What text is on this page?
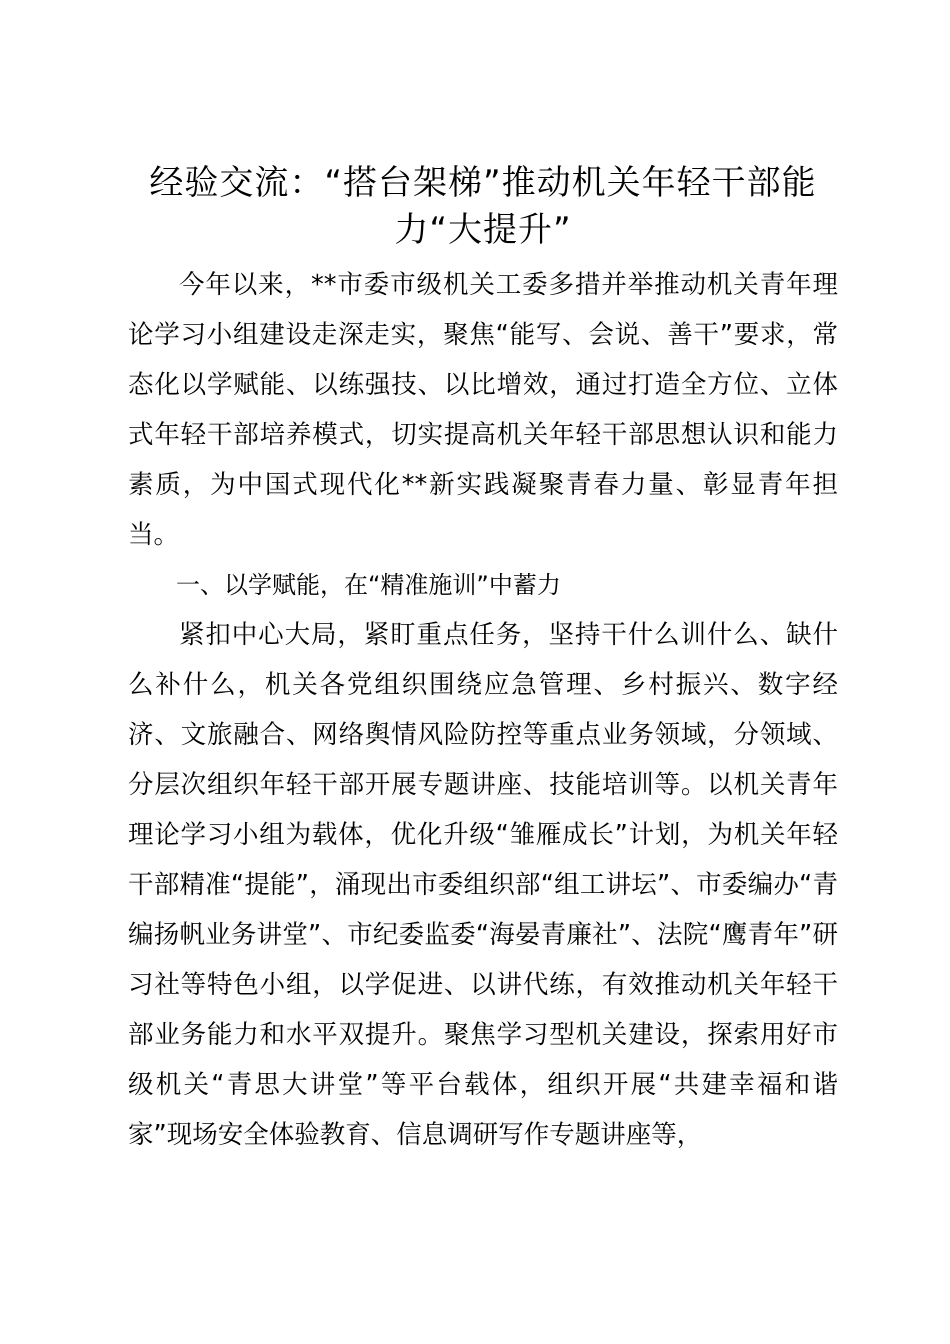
经验交流：“搭台架梯”推动机关年轻干部能力“大提升”

今年以来，**市委市级机关工委多措并举推动机关青年理论学习小组建设走深走实，聚焦“能写、会说、善干”要求，常态化以学赋能、以练强技、以比增效，通过打造全方位、立体式年轻干部培养模式，切实提高机关年轻干部思想认识和能力素质，为中国式现代化**新实践凝聚青春力量、彰显青年担当。

一、以学赋能，在“精准施训”中蓄力

紧扣中心大局，紧盯重点任务，坚持干什么训什么、缺什么补什么，机关各党组织围绕应急管理、乡村振兴、数字经济、文旅融合、网络舆情风险防控等重点业务领域，分领域、分层次组织年轻干部开展专题讲座、技能培训等。以机关青年理论学习小组为载体，优化升级“雏雁成长”计划，为机关年轻干部精准“提能”，涌现出市委组织部“组工讲坛”、市委编办“青编扬帆业务讲堂”、市纪委监委“海晏青廉社”、法院“鹰青年”研习社等特色小组，以学促进、以讲代练，有效推动机关年轻干部业务能力和水平双提升。聚焦学习型机关建设，探索用好市级机关“青思大讲堂”等平台载体，组织开展“共建幸福和谐家”现场安全体验教育、信息调研写作专题讲座等，
